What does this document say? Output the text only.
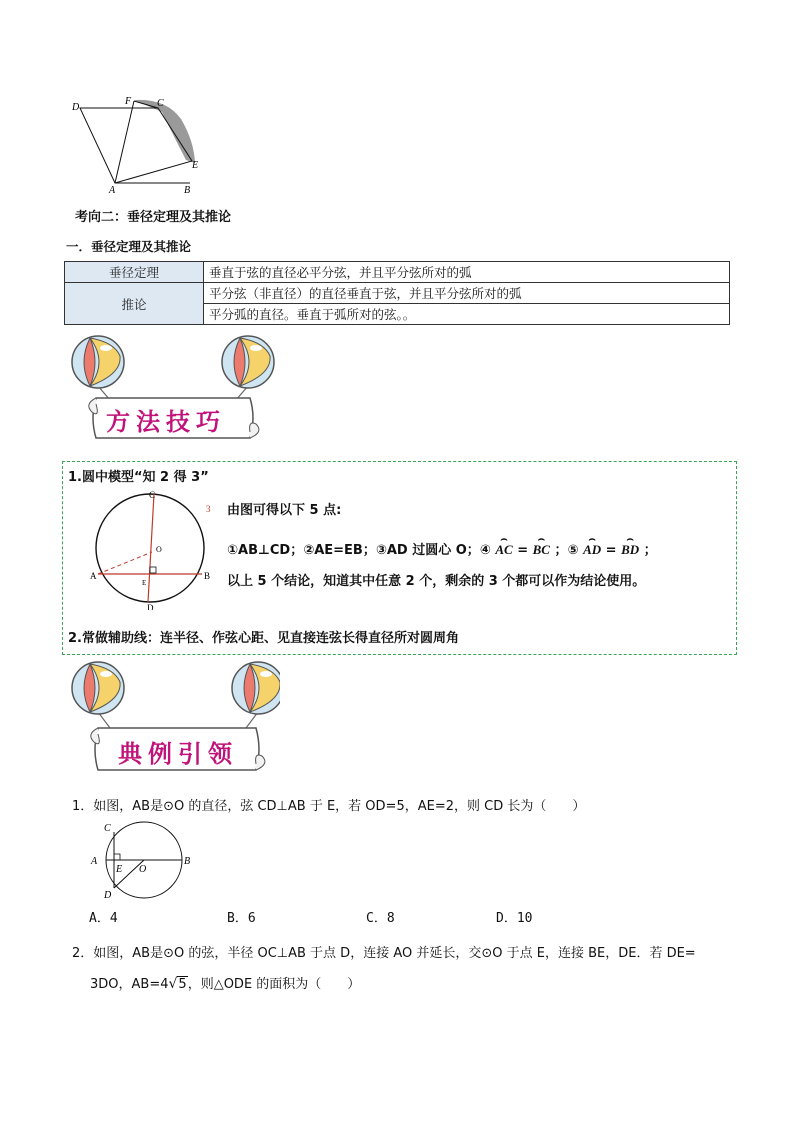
D
F	C
E
A	B
考向二：垂径定理及其推论
一．垂径定理及其推论
垂径定理	垂直于弦的直径必平分弦，并且平分弦所对的弧
推论	平分弦（非直径）的直径垂直于弦，并且平分弦所对的弧
	平分弧的直径。垂直于弧所对的弦。。
方法技巧
1.圆中模型“知 2 得 3”
C
O
A
E
B
D
3 由图可得以下 5 点:
①AB⊥CD；②AE=EB；③AD 过圆心 O；④ ⌢ AC = ⌢ BC ；⑤ ⌢ AD = ⌢ BD ；
以上 5 个结论，知道其中任意 2 个，剩余的 3 个都可以作为结论使用。
2.常做辅助线：连半径、作弦心距、见直接连弦长得直径所对圆周角
典例引领
1．如图，AB是⊙O 的直径，弦 CD⊥AB 于 E，若 OD=5，AE=2，则 CD 长为（　　）
C
A	B
E O
D
A．4	B．6	C．8	D．10
2．如图，AB是⊙O 的弦，半径 OC⊥AB 于点 D，连接 AO 并延长，交⊙O 于点 E，连接 BE，DE．若 DE=
3DO，AB=4√5，则△ODE 的面积为（　　）
